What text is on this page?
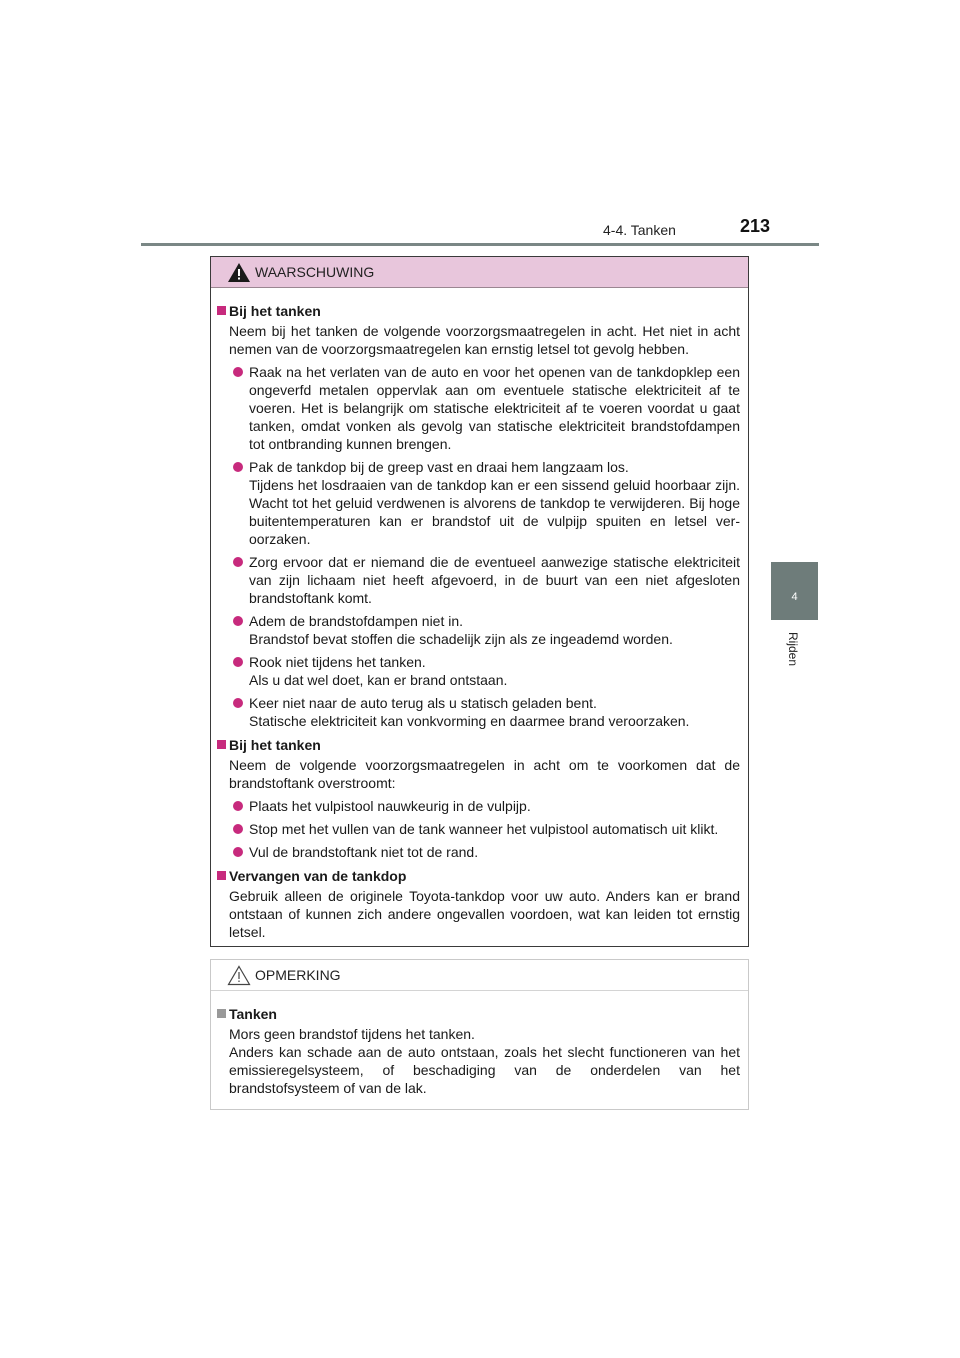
4-4. Tanken	213
4
Rijden
WAARSCHUWING
Bij het tanken
Neem bij het tanken de volgende voorzorgsmaatregelen in acht. Het niet in acht nemen van de voorzorgsmaatregelen kan ernstig letsel tot gevolg hebben.
Raak na het verlaten van de auto en voor het openen van de tankdopklep een ongeverfd metalen oppervlak aan om eventuele statische elektriciteit af te voeren. Het is belangrijk om statische elektriciteit af te voeren voordat u gaat tanken, omdat vonken als gevolg van statische elektriciteit brandstofdampen tot ontbranding kunnen brengen.
Pak de tankdop bij de greep vast en draai hem langzaam los.
Tijdens het losdraaien van de tankdop kan er een sissend geluid hoorbaar zijn. Wacht tot het geluid verdwenen is alvorens de tankdop te verwijderen. Bij hoge buitentemperaturen kan er brandstof uit de vulpijp spuiten en letsel ver-oorzaken.
Zorg ervoor dat er niemand die de eventueel aanwezige statische elektriciteit van zijn lichaam niet heeft afgevoerd, in de buurt van een niet afgesloten brandstoftank komt.
Adem de brandstofdampen niet in.
Brandstof bevat stoffen die schadelijk zijn als ze ingeademd worden.
Rook niet tijdens het tanken.
Als u dat wel doet, kan er brand ontstaan.
Keer niet naar de auto terug als u statisch geladen bent.
Statische elektriciteit kan vonkvorming en daarmee brand veroorzaken.
Bij het tanken
Neem de volgende voorzorgsmaatregelen in acht om te voorkomen dat de brandstoftank overstroomt:
Plaats het vulpistool nauwkeurig in de vulpijp.
Stop met het vullen van de tank wanneer het vulpistool automatisch uit klikt.
Vul de brandstoftank niet tot de rand.
Vervangen van de tankdop
Gebruik alleen de originele Toyota-tankdop voor uw auto. Anders kan er brand ontstaan of kunnen zich andere ongevallen voordoen, wat kan leiden tot ernstig letsel.
OPMERKING
Tanken
Mors geen brandstof tijdens het tanken.
Anders kan schade aan de auto ontstaan, zoals het slecht functioneren van het emissieregelsysteem, of beschadiging van de onderdelen van het brandstofsysteem of van de lak.
